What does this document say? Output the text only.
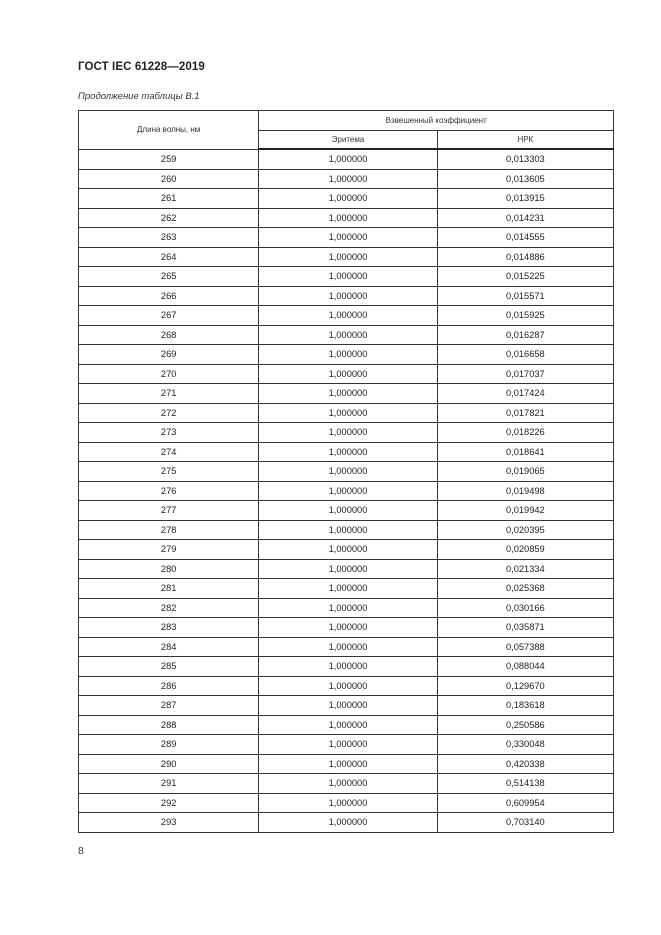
ГОСТ IEC 61228—2019
Продолжение таблицы В.1
Длина волны, нм	Взвешенный коэффициент	
	Эритема	НРК
259	1,000000	0,013303
260	1,000000	0,013605
261	1,000000	0,013915
262	1,000000	0,014231
263	1,000000	0,014555
264	1,000000	0,014886
265	1,000000	0,015225
266	1,000000	0,015571
267	1,000000	0,015925
268	1,000000	0,016287
269	1,000000	0,016658
270	1,000000	0,017037
271	1,000000	0,017424
272	1,000000	0,017821
273	1,000000	0,018226
274	1,000000	0,018641
275	1,000000	0,019065
276	1,000000	0,019498
277	1,000000	0,019942
278	1,000000	0,020395
279	1,000000	0,020859
280	1,000000	0,021334
281	1,000000	0,025368
282	1,000000	0,030166
283	1,000000	0,035871
284	1,000000	0,057388
285	1,000000	0,088044
286	1,000000	0,129670
287	1,000000	0,183618
288	1,000000	0,250586
289	1,000000	0,330048
290	1,000000	0,420338
291	1,000000	0,514138
292	1,000000	0,609954
293	1,000000	0,703140
8
